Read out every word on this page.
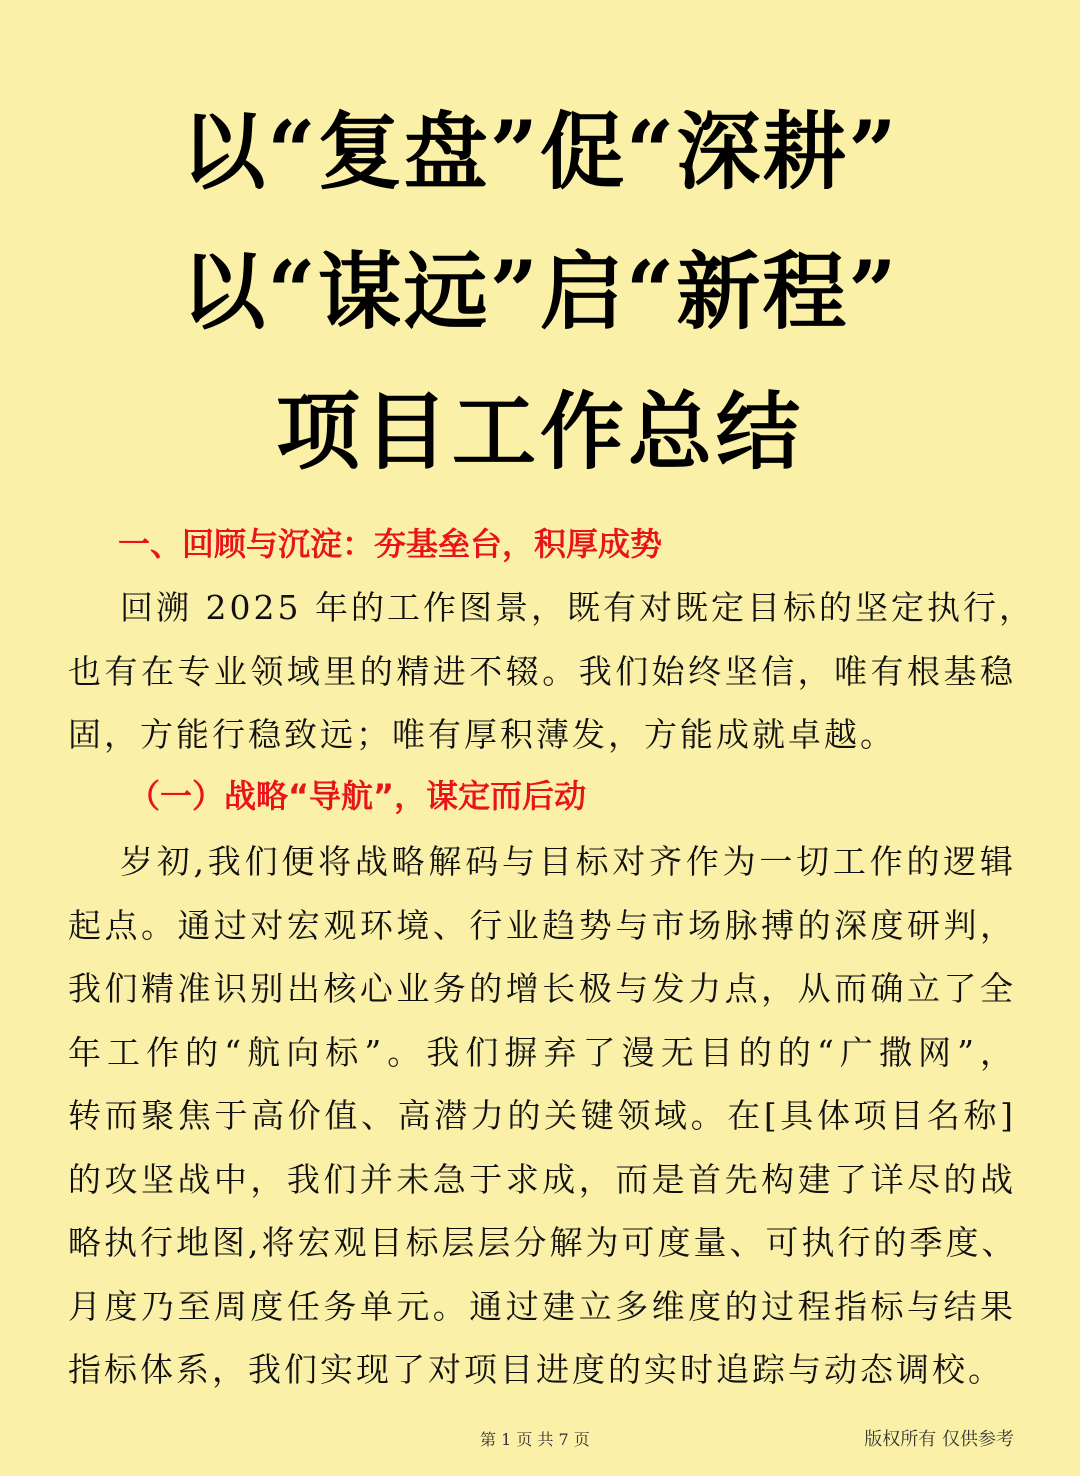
以“复盘”促“深耕”
以“谋远”启“新程”
项目工作总结
一、回顾与沉淀：夯基垒台，积厚成势
回溯 2025 年的工作图景，既有对既定目标的坚定执行，
也有在专业领域里的精进不辍。我们始终坚信，唯有根基稳
固，方能行稳致远；唯有厚积薄发，方能成就卓越。
（一）战略“导航”，谋定而后动
岁初,我们便将战略解码与目标对齐作为一切工作的逻辑
起点。通过对宏观环境、行业趋势与市场脉搏的深度研判，
我们精准识别出核心业务的增长极与发力点，从而确立了全
年工作的“航向标”。我们摒弃了漫无目的的“广撒网”，
转而聚焦于高价值、高潜力的关键领域。在[具体项目名称]
的攻坚战中，我们并未急于求成，而是首先构建了详尽的战
略执行地图,将宏观目标层层分解为可度量、可执行的季度、
月度乃至周度任务单元。通过建立多维度的过程指标与结果
指标体系，我们实现了对项目进度的实时追踪与动态调校。
第 1 页 共 7 页	版权所有 仅供参考
